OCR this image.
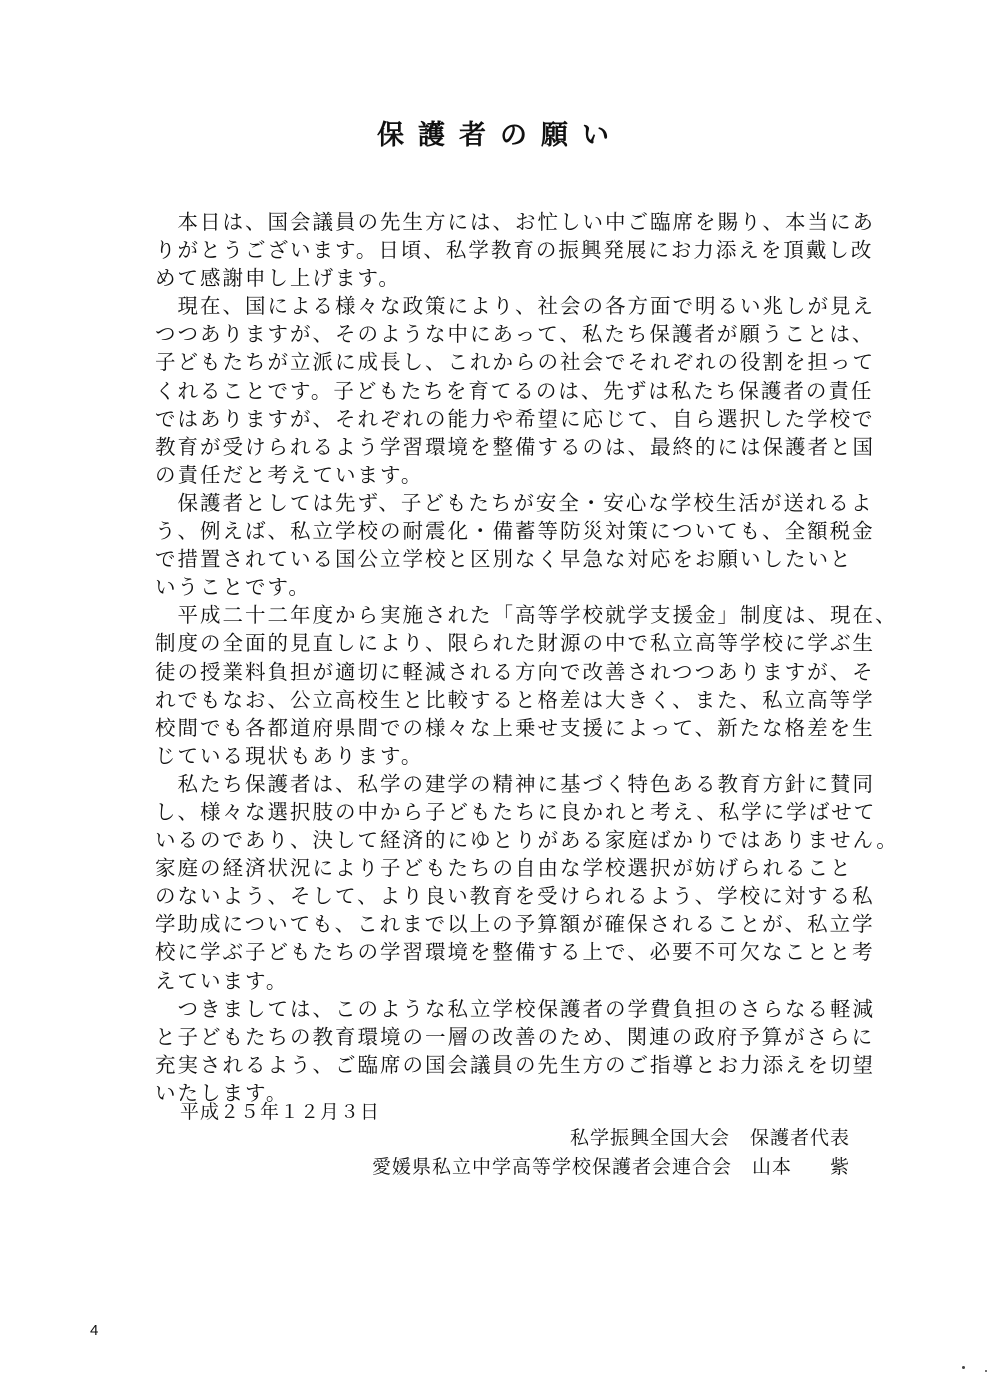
保護者の願い
　本日は、国会議員の先生方には、お忙しい中ご臨席を賜り、本当にあ
りがとうございます。日頃、私学教育の振興発展にお力添えを頂戴し改
めて感謝申し上げます。
　現在、国による様々な政策により、社会の各方面で明るい兆しが見え
つつありますが、そのような中にあって、私たち保護者が願うことは、
子どもたちが立派に成長し、これからの社会でそれぞれの役割を担って
くれることです。子どもたちを育てるのは、先ずは私たち保護者の責任
ではありますが、それぞれの能力や希望に応じて、自ら選択した学校で
教育が受けられるよう学習環境を整備するのは、最終的には保護者と国
の責任だと考えています。
　保護者としては先ず、子どもたちが安全・安心な学校生活が送れるよ
う、例えば、私立学校の耐震化・備蓄等防災対策についても、全額税金
で措置されている国公立学校と区別なく早急な対応をお願いしたいと
いうことです。
　平成二十二年度から実施された「高等学校就学支援金」制度は、現在、
制度の全面的見直しにより、限られた財源の中で私立高等学校に学ぶ生
徒の授業料負担が適切に軽減される方向で改善されつつありますが、そ
れでもなお、公立高校生と比較すると格差は大きく、また、私立高等学
校間でも各都道府県間での様々な上乗せ支援によって、新たな格差を生
じている現状もあります。
　私たち保護者は、私学の建学の精神に基づく特色ある教育方針に賛同
し、様々な選択肢の中から子どもたちに良かれと考え、私学に学ばせて
いるのであり、決して経済的にゆとりがある家庭ばかりではありません。
家庭の経済状況により子どもたちの自由な学校選択が妨げられること
のないよう、そして、より良い教育を受けられるよう、学校に対する私
学助成についても、これまで以上の予算額が確保されることが、私立学
校に学ぶ子どもたちの学習環境を整備する上で、必要不可欠なことと考
えています。
　つきましては、このような私立学校保護者の学費負担のさらなる軽減
と子どもたちの教育環境の一層の改善のため、関連の政府予算がさらに
充実されるよう、ご臨席の国会議員の先生方のご指導とお力添えを切望
いたします。
平成２５年１２月３日
私学振興全国大会 保護者代表
愛媛県私立中学高等学校保護者会連合会 山本 紫
4
